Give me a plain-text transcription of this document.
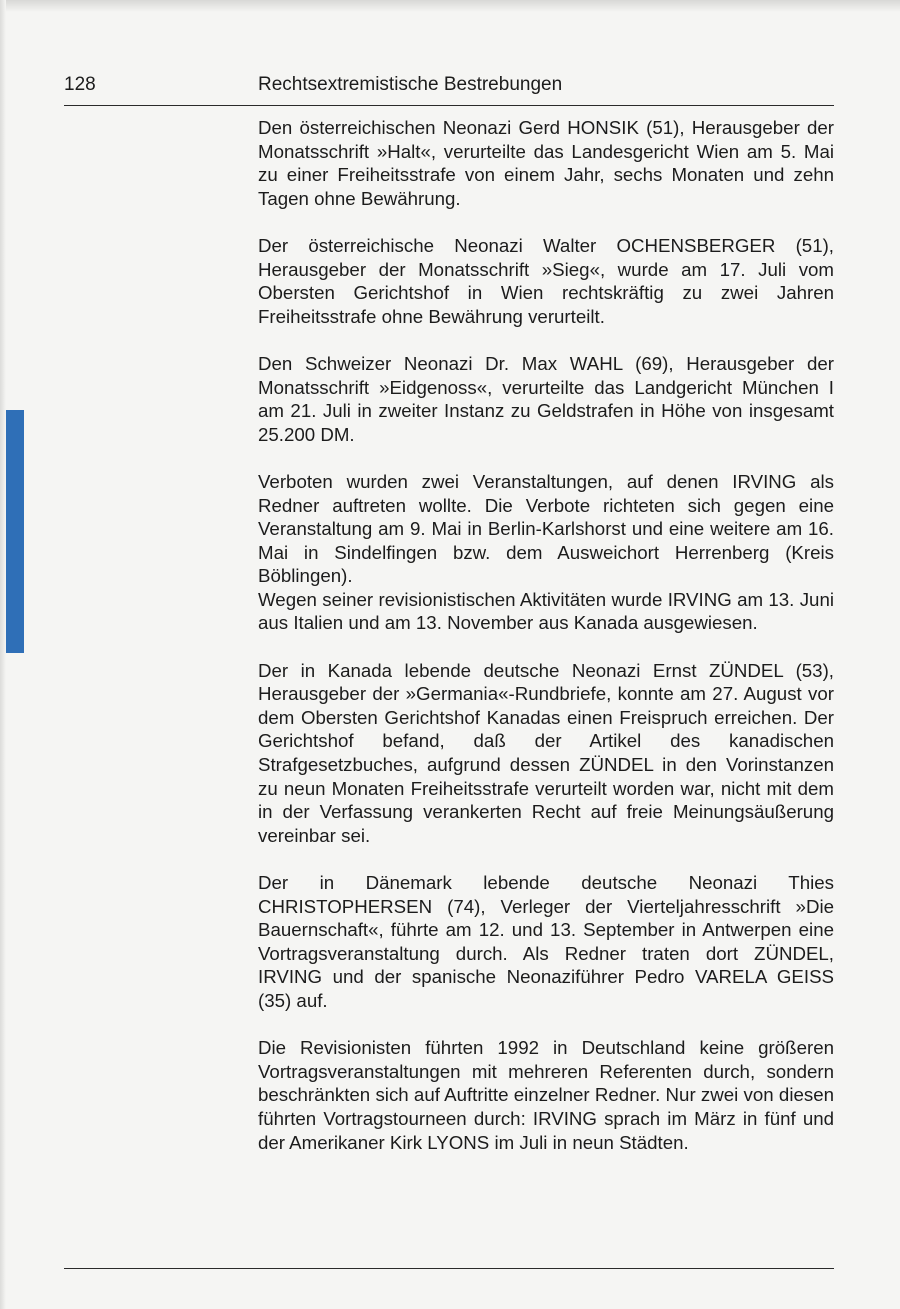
128	Rechtsextremistische Bestrebungen

Den österreichischen Neonazi Gerd HONSIK (51), Herausgeber der Monatsschrift »Halt«, verurteilte das Landesgericht Wien am 5. Mai zu einer Freiheitsstrafe von einem Jahr, sechs Monaten und zehn Tagen ohne Bewährung.

Der österreichische Neonazi Walter OCHENSBERGER (51), Herausgeber der Monatsschrift »Sieg«, wurde am 17. Juli vom Obersten Gerichtshof in Wien rechtskräftig zu zwei Jahren Freiheitsstrafe ohne Bewährung verurteilt.

Den Schweizer Neonazi Dr. Max WAHL (69), Herausgeber der Monatsschrift »Eidgenoss«, verurteilte das Landgericht München I am 21. Juli in zweiter Instanz zu Geldstrafen in Höhe von insgesamt 25.200 DM.

Verboten wurden zwei Veranstaltungen, auf denen IRVING als Redner auftreten wollte. Die Verbote richteten sich gegen eine Veranstaltung am 9. Mai in Berlin-Karlshorst und eine weitere am 16. Mai in Sindelfingen bzw. dem Ausweichort Herrenberg (Kreis Böblingen).

Wegen seiner revisionistischen Aktivitäten wurde IRVING am 13. Juni aus Italien und am 13. November aus Kanada ausgewiesen.

Der in Kanada lebende deutsche Neonazi Ernst ZÜNDEL (53), Herausgeber der »Germania«-Rundbriefe, konnte am 27. August vor dem Obersten Gerichtshof Kanadas einen Freispruch erreichen. Der Gerichtshof befand, daß der Artikel des kanadischen Strafgesetzbuches, aufgrund dessen ZÜNDEL in den Vorinstanzen zu neun Monaten Freiheitsstrafe verurteilt worden war, nicht mit dem in der Verfassung verankerten Recht auf freie Meinungsäußerung vereinbar sei.

Der in Dänemark lebende deutsche Neonazi Thies CHRISTOPHERSEN (74), Verleger der Vierteljahresschrift »Die Bauernschaft«, führte am 12. und 13. September in Antwerpen eine Vortragsveranstaltung durch. Als Redner traten dort ZÜNDEL, IRVING und der spanische Neonaziführer Pedro VARELA GEISS (35) auf.

Die Revisionisten führten 1992 in Deutschland keine größeren Vortragsveranstaltungen mit mehreren Referenten durch, sondern beschränkten sich auf Auftritte einzelner Redner. Nur zwei von diesen führten Vortragstourneen durch: IRVING sprach im März in fünf und der Amerikaner Kirk LYONS im Juli in neun Städten.
